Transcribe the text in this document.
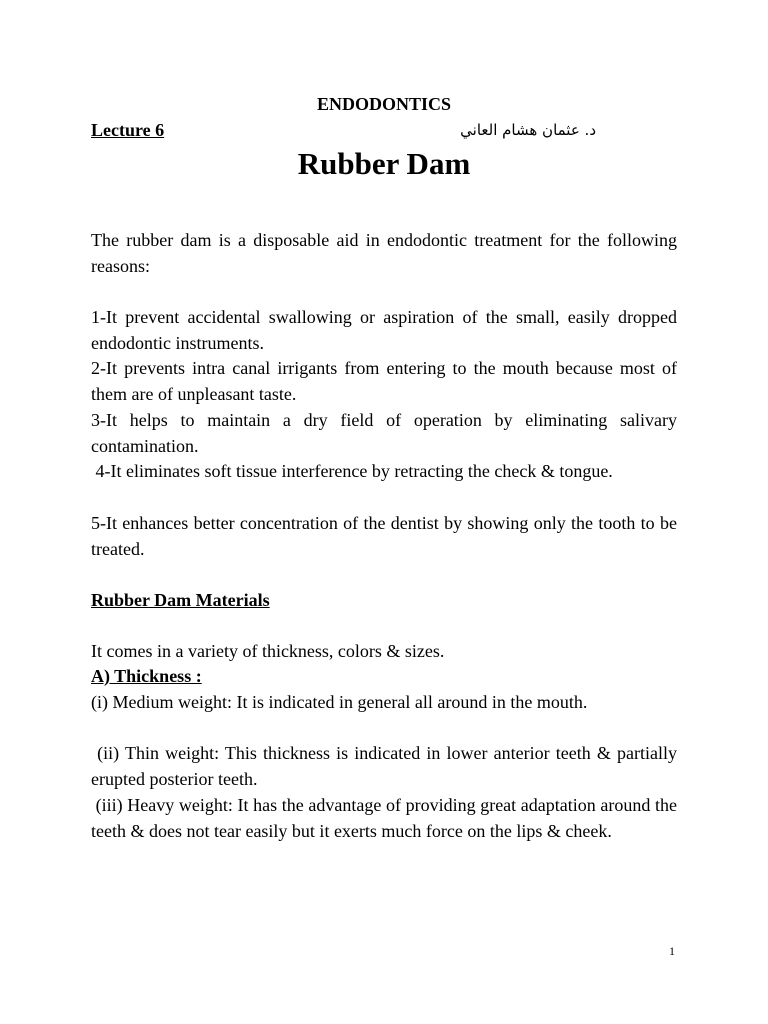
ENDODONTICS
Lecture 6	د. عثمان هشام العاني
Rubber Dam

The rubber dam is a disposable aid in endodontic treatment for the following reasons:

1-It prevent accidental swallowing or aspiration of the small, easily dropped endodontic instruments.

2-It prevents intra canal irrigants from entering to the mouth because most of them are of unpleasant taste.

3-It helps to maintain a dry field of operation by eliminating salivary contamination.

4-It eliminates soft tissue interference by retracting the check & tongue.

5-It enhances better concentration of the dentist by showing only the tooth to be treated.

Rubber Dam Materials

It comes in a variety of thickness, colors & sizes.

A) Thickness :

(i) Medium weight: It is indicated in general all around in the mouth.

(ii) Thin weight: This thickness is indicated in lower anterior teeth & partially erupted posterior teeth.

(iii) Heavy weight: It has the advantage of providing great adaptation around the teeth & does not tear easily but it exerts much force on the lips & cheek.

1
